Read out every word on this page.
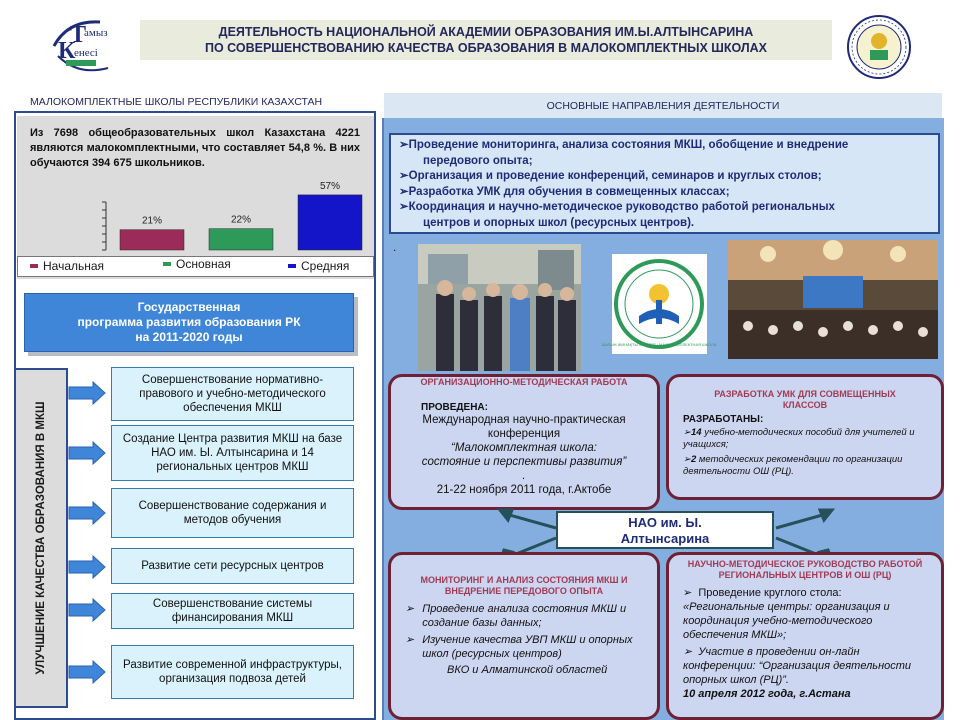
Т
амыз
К
енесі
ДЕЯТЕЛЬНОСТЬ НАЦИОНАЛЬНОЙ АКАДЕМИИ ОБРАЗОВАНИЯ ИМ.Ы.АЛТЫНСАРИНА
ПО СОВЕРШЕНСТВОВАНИЮ КАЧЕСТВА ОБРАЗОВАНИЯ В МАЛОКОМПЛЕКТНЫХ ШКОЛАХ
МАЛОКОМПЛЕКТНЫЕ ШКОЛЫ РЕСПУБЛИКИ КАЗАХСТАН
Из 7698 общеобразовательных школ Казахстана 4221 являются малокомплектными, что составляет 54,8 %. В них обучаются 394 675 школьников.
21%	22%
57%
Начальная	Основная	Средняя
Государственная
программа развития образования РК
на 2011-2020 годы
УЛУЧШЕНИЕ КАЧЕСТВА ОБРАЗОВАНИЯ В МКШ
Совершенствование нормативно-правового и учебно-методического обеспечения МКШ
Создание Центра развития МКШ на базе НАО им. Ы. Алтынсарина и 14 региональных центров МКШ
Совершенствование содержания и методов обучения
Развитие сети ресурсных центров
Совершенствование системы финансирования МКШ
Развитие современной инфраструктуры, организация подвоза детей
ОСНОВНЫЕ НАПРАВЛЕНИЯ ДЕЯТЕЛЬНОСТИ
➢Проведение мониторинга, анализа состояния МКШ, обобщение и внедрение
передового опыта;
➢Организация и проведение конференций, семинаров и круглых столов;
➢Разработка УМК для обучения в совмещенных классах;
➢Координация и научно-методическое руководство работой региональных
центров и опорных школ (ресурсных центров).
.
ШАҒЫН ЖИНАҚТЫ МЕКТЕП · МАЛОКОМПЛЕКТНАЯ ШКОЛА
ОРГАНИЗАЦИОННО-МЕТОДИЧЕСКАЯ РАБОТА
ПРОВЕДЕНА:
Международная научно-практическая конференция
“Малокомплектная школа: состояние и перспективы развития” .
21-22 ноября 2011 года, г.Актобе
РАЗРАБОТКА УМК ДЛЯ СОВМЕЩЕННЫХ КЛАССОВ
РАЗРАБОТАНЫ:
➢14 учебно-методических пособий для учителей и учащихся;
➢2 методических рекомендации по организации деятельности ОШ (РЦ).
НАО им. Ы.
Алтынсарина
МОНИТОРИНГ И АНАЛИЗ СОСТОЯНИЯ МКШ И ВНЕДРЕНИЕ ПЕРЕДОВОГО ОПЫТА
➢ Проведение анализа состояния МКШ и создание базы данных;
➢ Изучение качества УВП МКШ и опорных школ (ресурсных центров)
ВКО и Алматинской областей
НАУЧНО-МЕТОДИЧЕСКОЕ РУКОВОДСТВО РАБОТОЙ РЕГИОНАЛЬНЫХ ЦЕНТРОВ И ОШ (РЦ)
➢  Проведение круглого стола:
«Региональные центры: организация и
координация учебно-методического обеспечения МКШ»;
➢  Участие в проведении он-лайн конференции: “Организация деятельности опорных школ (РЦ)”.
10 апреля 2012 года, г.Астана
